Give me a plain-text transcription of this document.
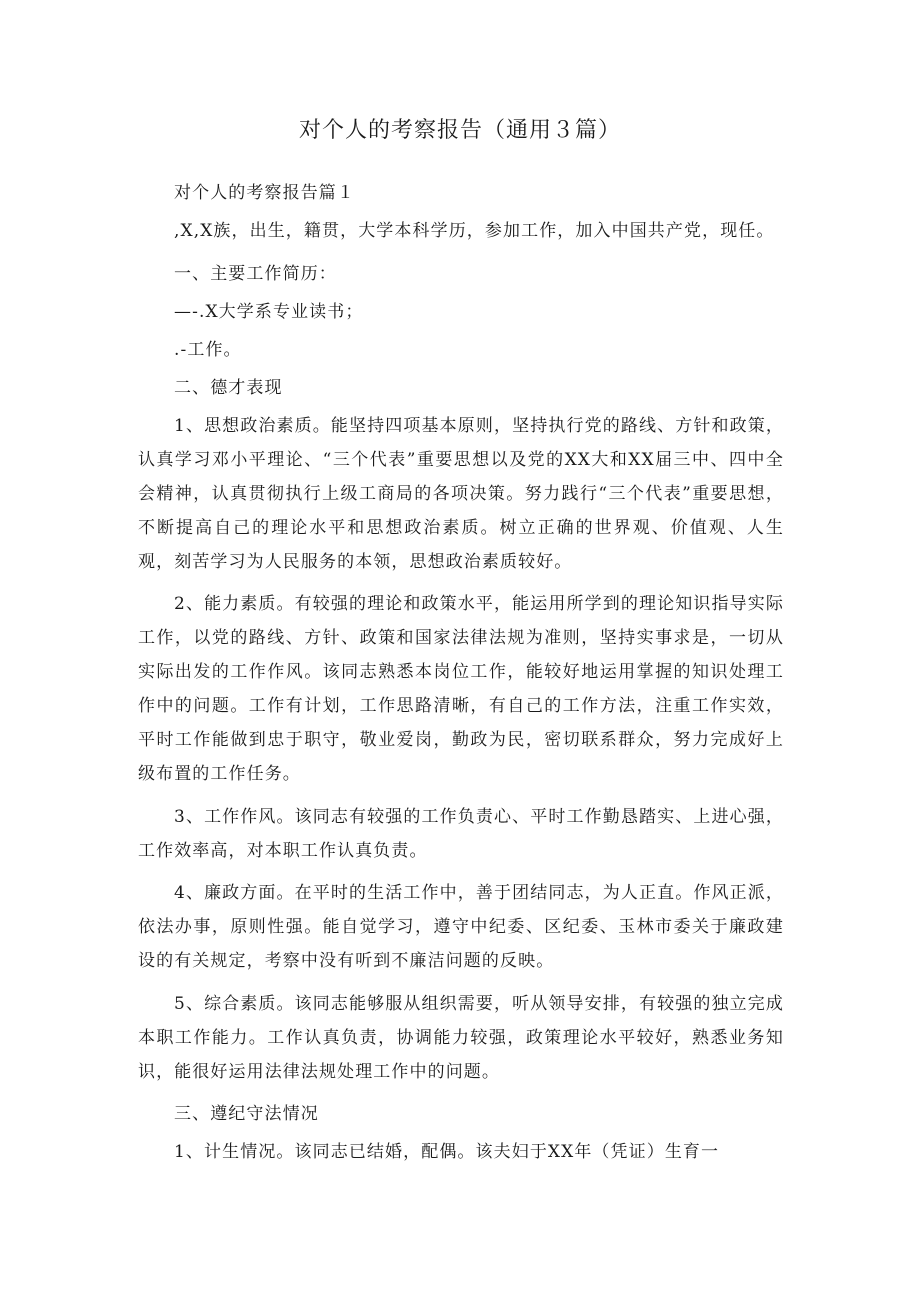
对个人的考察报告（通用３篇）

对个人的考察报告篇１

,X,X族，出生，籍贯，大学本科学历，参加工作，加入中国共产党，现任。

一、主要工作简历：

—-.X大学系专业读书；

.-工作。

二、德才表现

1、思想政治素质。能坚持四项基本原则，坚持执行党的路线、方针和政策，认真学习邓小平理论、“三个代表”重要思想以及党的XX大和XX届三中、四中全会精神，认真贯彻执行上级工商局的各项决策。努力践行“三个代表”重要思想，不断提高自己的理论水平和思想政治素质。树立正确的世界观、价值观、人生观，刻苦学习为人民服务的本领，思想政治素质较好。

2、能力素质。有较强的理论和政策水平，能运用所学到的理论知识指导实际工作，以党的路线、方针、政策和国家法律法规为准则，坚持实事求是，一切从实际出发的工作作风。该同志熟悉本岗位工作，能较好地运用掌握的知识处理工作中的问题。工作有计划，工作思路清晰，有自己的工作方法，注重工作实效，平时工作能做到忠于职守，敬业爱岗，勤政为民，密切联系群众，努力完成好上级布置的工作任务。

3、工作作风。该同志有较强的工作负责心、平时工作勤恳踏实、上进心强，工作效率高，对本职工作认真负责。

4、廉政方面。在平时的生活工作中，善于团结同志，为人正直。作风正派，依法办事，原则性强。能自觉学习，遵守中纪委、区纪委、玉林市委关于廉政建设的有关规定，考察中没有听到不廉洁问题的反映。

5、综合素质。该同志能够服从组织需要，听从领导安排，有较强的独立完成本职工作能力。工作认真负责，协调能力较强，政策理论水平较好，熟悉业务知识，能很好运用法律法规处理工作中的问题。

三、遵纪守法情况

1、计生情况。该同志已结婚，配偶。该夫妇于XX年（凭证）生育一
